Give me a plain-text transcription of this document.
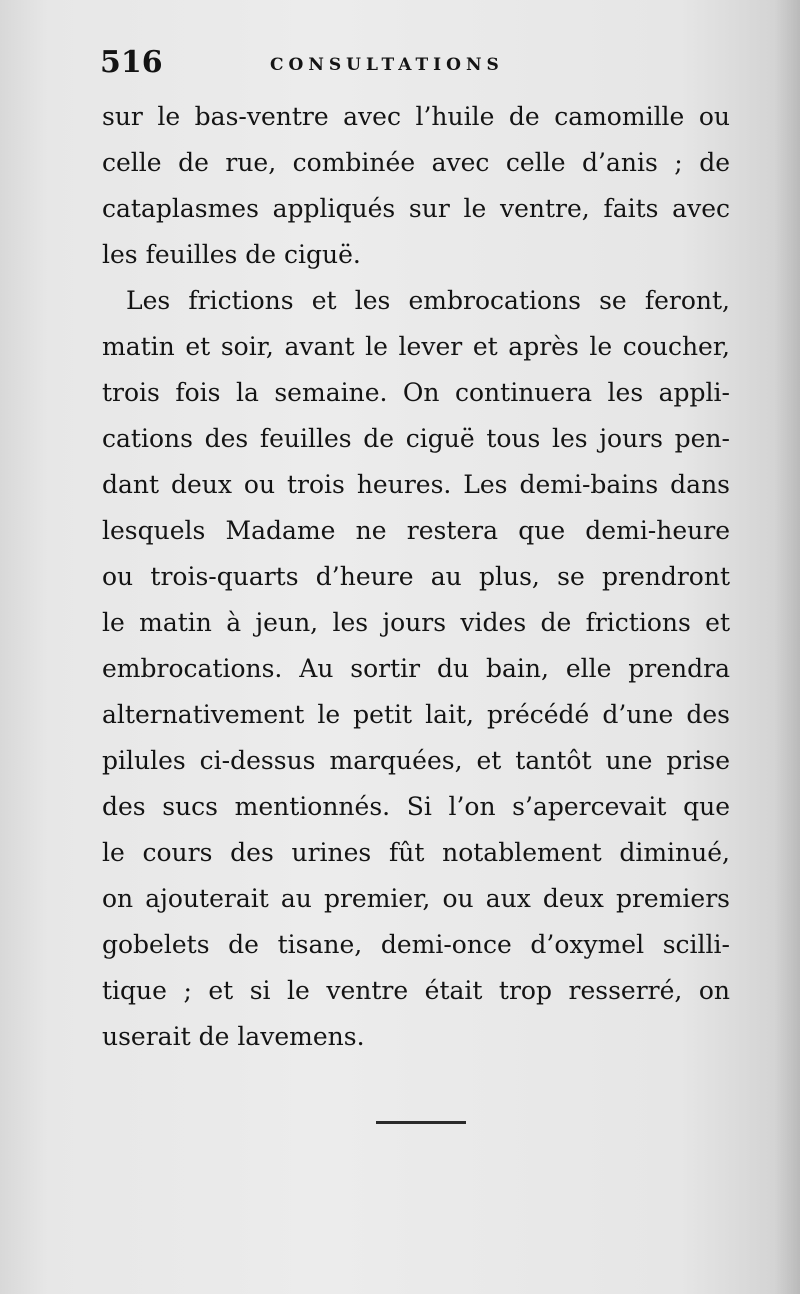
516	CONSULTATIONS
sur le bas-ventre avec l’huile de camomille ou
celle de rue, combinée avec celle d’anis ; de
cataplasmes appliqués sur le ventre, faits avec
les feuilles de ciguë.
Les frictions et les embrocations se feront,
matin et soir, avant le lever et après le coucher,
trois fois la semaine. On continuera les appli-
cations des feuilles de ciguë tous les jours pen-
dant deux ou trois heures. Les demi-bains dans
lesquels Madame ne restera que demi-heure
ou trois-quarts d’heure au plus, se prendront
le matin à jeun, les jours vides de frictions et
embrocations. Au sortir du bain, elle prendra
alternativement le petit lait, précédé d’une des
pilules ci-dessus marquées, et tantôt une prise
des sucs mentionnés. Si l’on s’apercevait que
le cours des urines fût notablement diminué,
on ajouterait au premier, ou aux deux premiers
gobelets de tisane, demi-once d’oxymel scilli-
tique ; et si le ventre était trop resserré, on
userait de lavemens.
